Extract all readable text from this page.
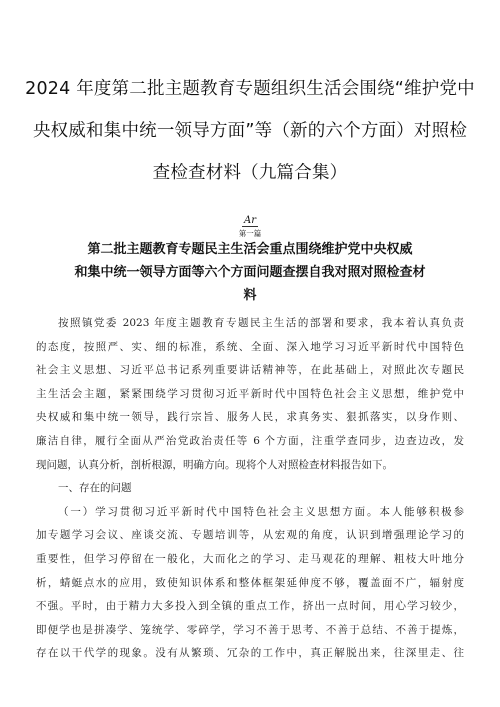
2024 年度第二批主题教育专题组织生活会围绕“维护党中
央权威和集中统一领导方面”等（新的六个方面）对照检
查检查材料（九篇合集）
Ar
第一篇
第二批主题教育专题民主生活会重点围绕维护党中央权威
和集中统一领导方面等六个方面问题查摆自我对照对照检查材
料
按照镇党委 2023 年度主题教育专题民主生活的部署和要求，我本着认真负责
的态度，按照严、实、细的标准，系统、全面、深入地学习习近平新时代中国特色
社会主义思想、习近平总书记系列重要讲话精神等，在此基础上，对照此次专题民
主生活会主题，紧紧围绕学习贯彻习近平新时代中国特色社会主义思想，维护党中
央权威和集中统一领导，践行宗旨、服务人民，求真务实、狠抓落实，以身作则、
廉洁自律，履行全面从严治党政治责任等 6 个方面，注重学查同步，边查边改，发
现问题，认真分析，剖析根源，明确方向。现将个人对照检查材料报告如下。
一、存在的问题
（一）学习贯彻习近平新时代中国特色社会主义思想方面。本人能够积极参
加专题学习会议、座谈交流、专题培训等，从宏观的角度，认识到增强理论学习的
重要性，但学习停留在一般化，大而化之的学习、走马观花的理解、粗枝大叶地分
析，蜻蜓点水的应用，致使知识体系和整体框架延伸度不够，覆盖面不广，辐射度
不强。平时，由于精力大多投入到全镇的重点工作，挤出一点时间，用心学习较少，
即便学也是拼凑学、笼统学、零碎学，学习不善于思考、不善于总结、不善于提炼，
存在以干代学的现象。没有从繁琐、冗杂的工作中，真正解脱出来，往深里走、往
